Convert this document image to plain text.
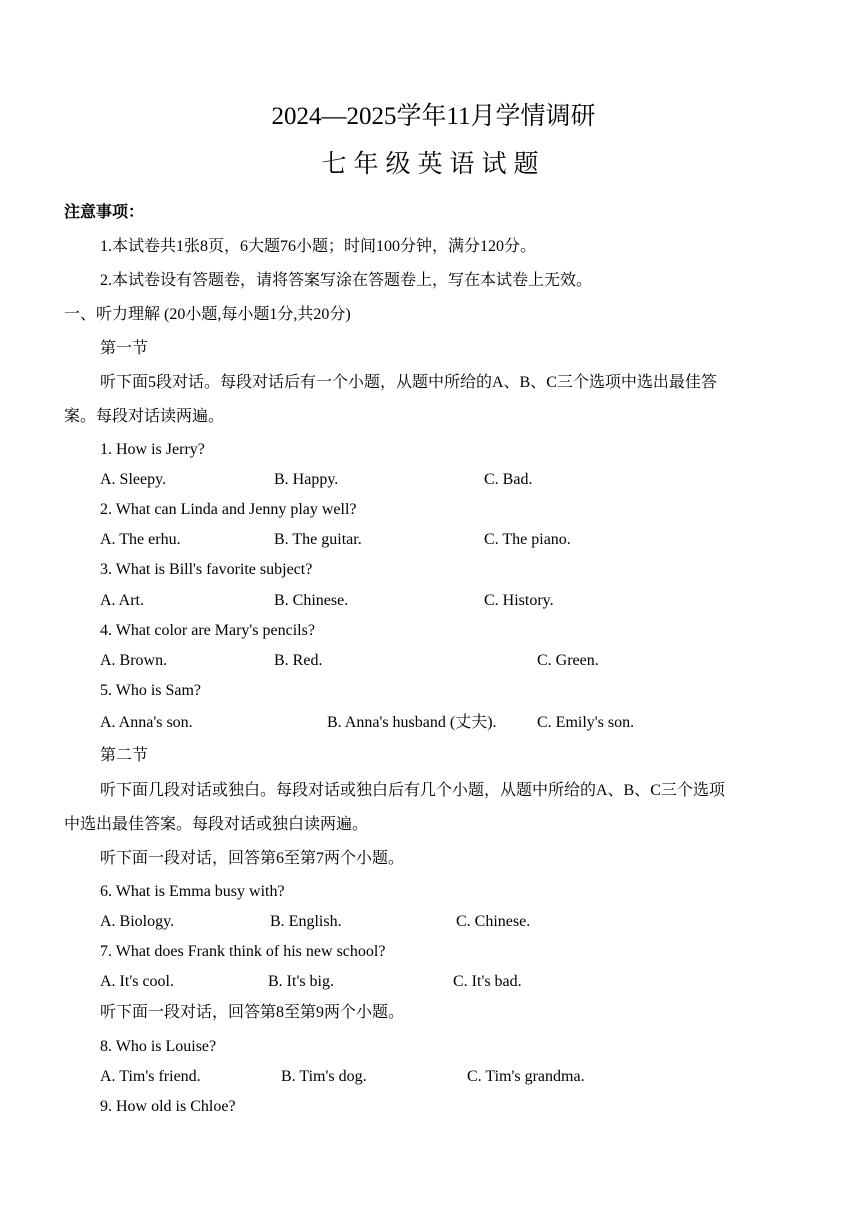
2024—2025学年11月学情调研
七年级英语试题
注意事项：
1.本试卷共1张8页，6大题76小题；时间100分钟，满分120分。
2.本试卷设有答题卷，请将答案写涂在答题卷上，写在本试卷上无效。
一、听力理解 (20小题,每小题1分,共20分)
第一节
听下面5段对话。每段对话后有一个小题，从题中所给的A、B、C三个选项中选出最佳答
案。每段对话读两遍。
1. How is Jerry?
A. Sleepy.	B. Happy.	C. Bad.
2. What can Linda and Jenny play well?
A. The erhu.	B. The guitar.	C. The piano.
3. What is Bill's favorite subject?
A. Art.	B. Chinese.	C. History.
4. What color are Mary's pencils?
A. Brown.	B. Red.	C. Green.
5. Who is Sam?
A. Anna's son.	B. Anna's husband (丈夫).	C. Emily's son.
第二节
听下面几段对话或独白。每段对话或独白后有几个小题，从题中所给的A、B、C三个选项
中选出最佳答案。每段对话或独白读两遍。
听下面一段对话，回答第6至第7两个小题。
6. What is Emma busy with?
A. Biology.	B. English.	C. Chinese.
7. What does Frank think of his new school?
A. It's cool.	B. It's big.	C. It's bad.
听下面一段对话，回答第8至第9两个小题。
8. Who is Louise?
A. Tim's friend.	B. Tim's dog.	C. Tim's grandma.
9. How old is Chloe?
